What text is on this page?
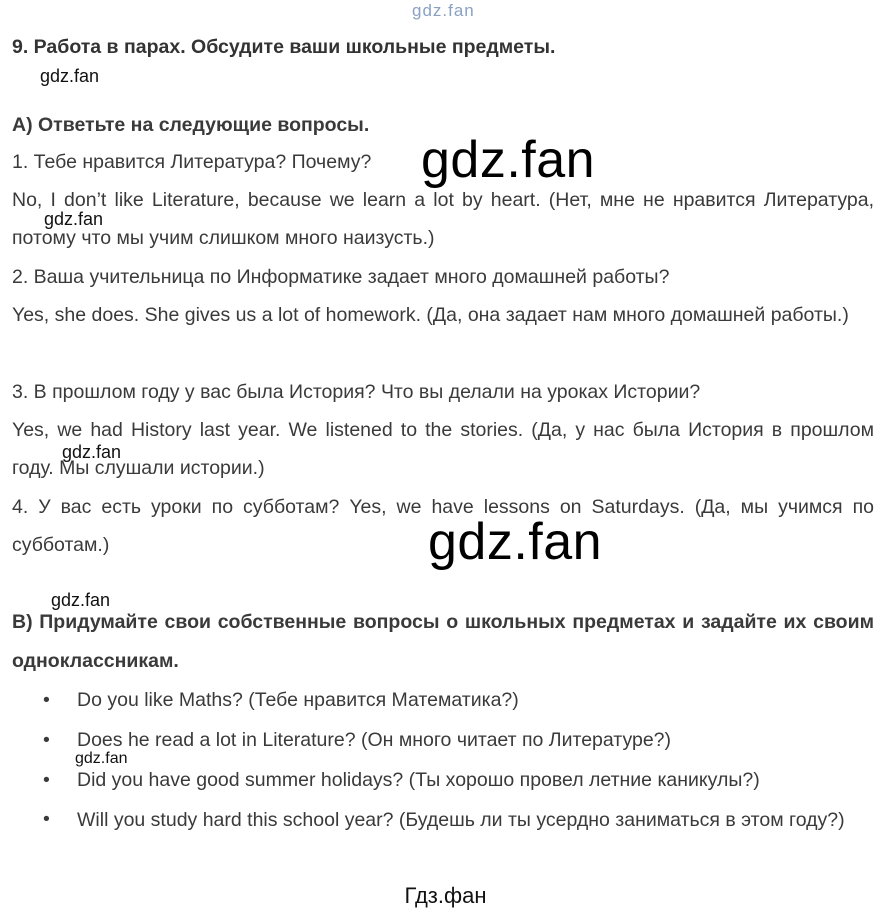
gdz.fan
gdz.fan
9. Работа в парах. Обсудите ваши школьные предметы.
А) Ответьте на следующие вопросы.
1. Тебе нравится Литература? Почему?
No, I don’t like Literature, because we learn a lot by heart. (Нет, мне не нравится Литература, потому что мы учим слишком много наизусть.)
2. Ваша учительница по Информатике задает много домашней работы?
Yes, she does. She gives us a lot of homework. (Да, она задает нам много домашней работы.)
3. В прошлом году у вас была История? Что вы делали на уроках Истории?
Yes, we had History last year. We listened to the stories. (Да, у нас была История в прошлом году. Мы слушали истории.)
4. У вас есть уроки по субботам? Yes, we have lessons on Saturdays. (Да, мы учимся по субботам.)
В) Придумайте свои собственные вопросы о школьных предметах и задайте их своим одноклассникам.
• Do you like Maths? (Тебе нравится Математика?)
• Does he read a lot in Literature? (Он много читает по Литературе?)
• Did you have good summer holidays? (Ты хорошо провел летние каникулы?)
• Will you study hard this school year? (Будешь ли ты усердно заниматься в этом году?)
gdz.fan
gdz.fan
gdz.fan
gdz.fan
gdz.fan
gdz.fan
Гдз.фан
